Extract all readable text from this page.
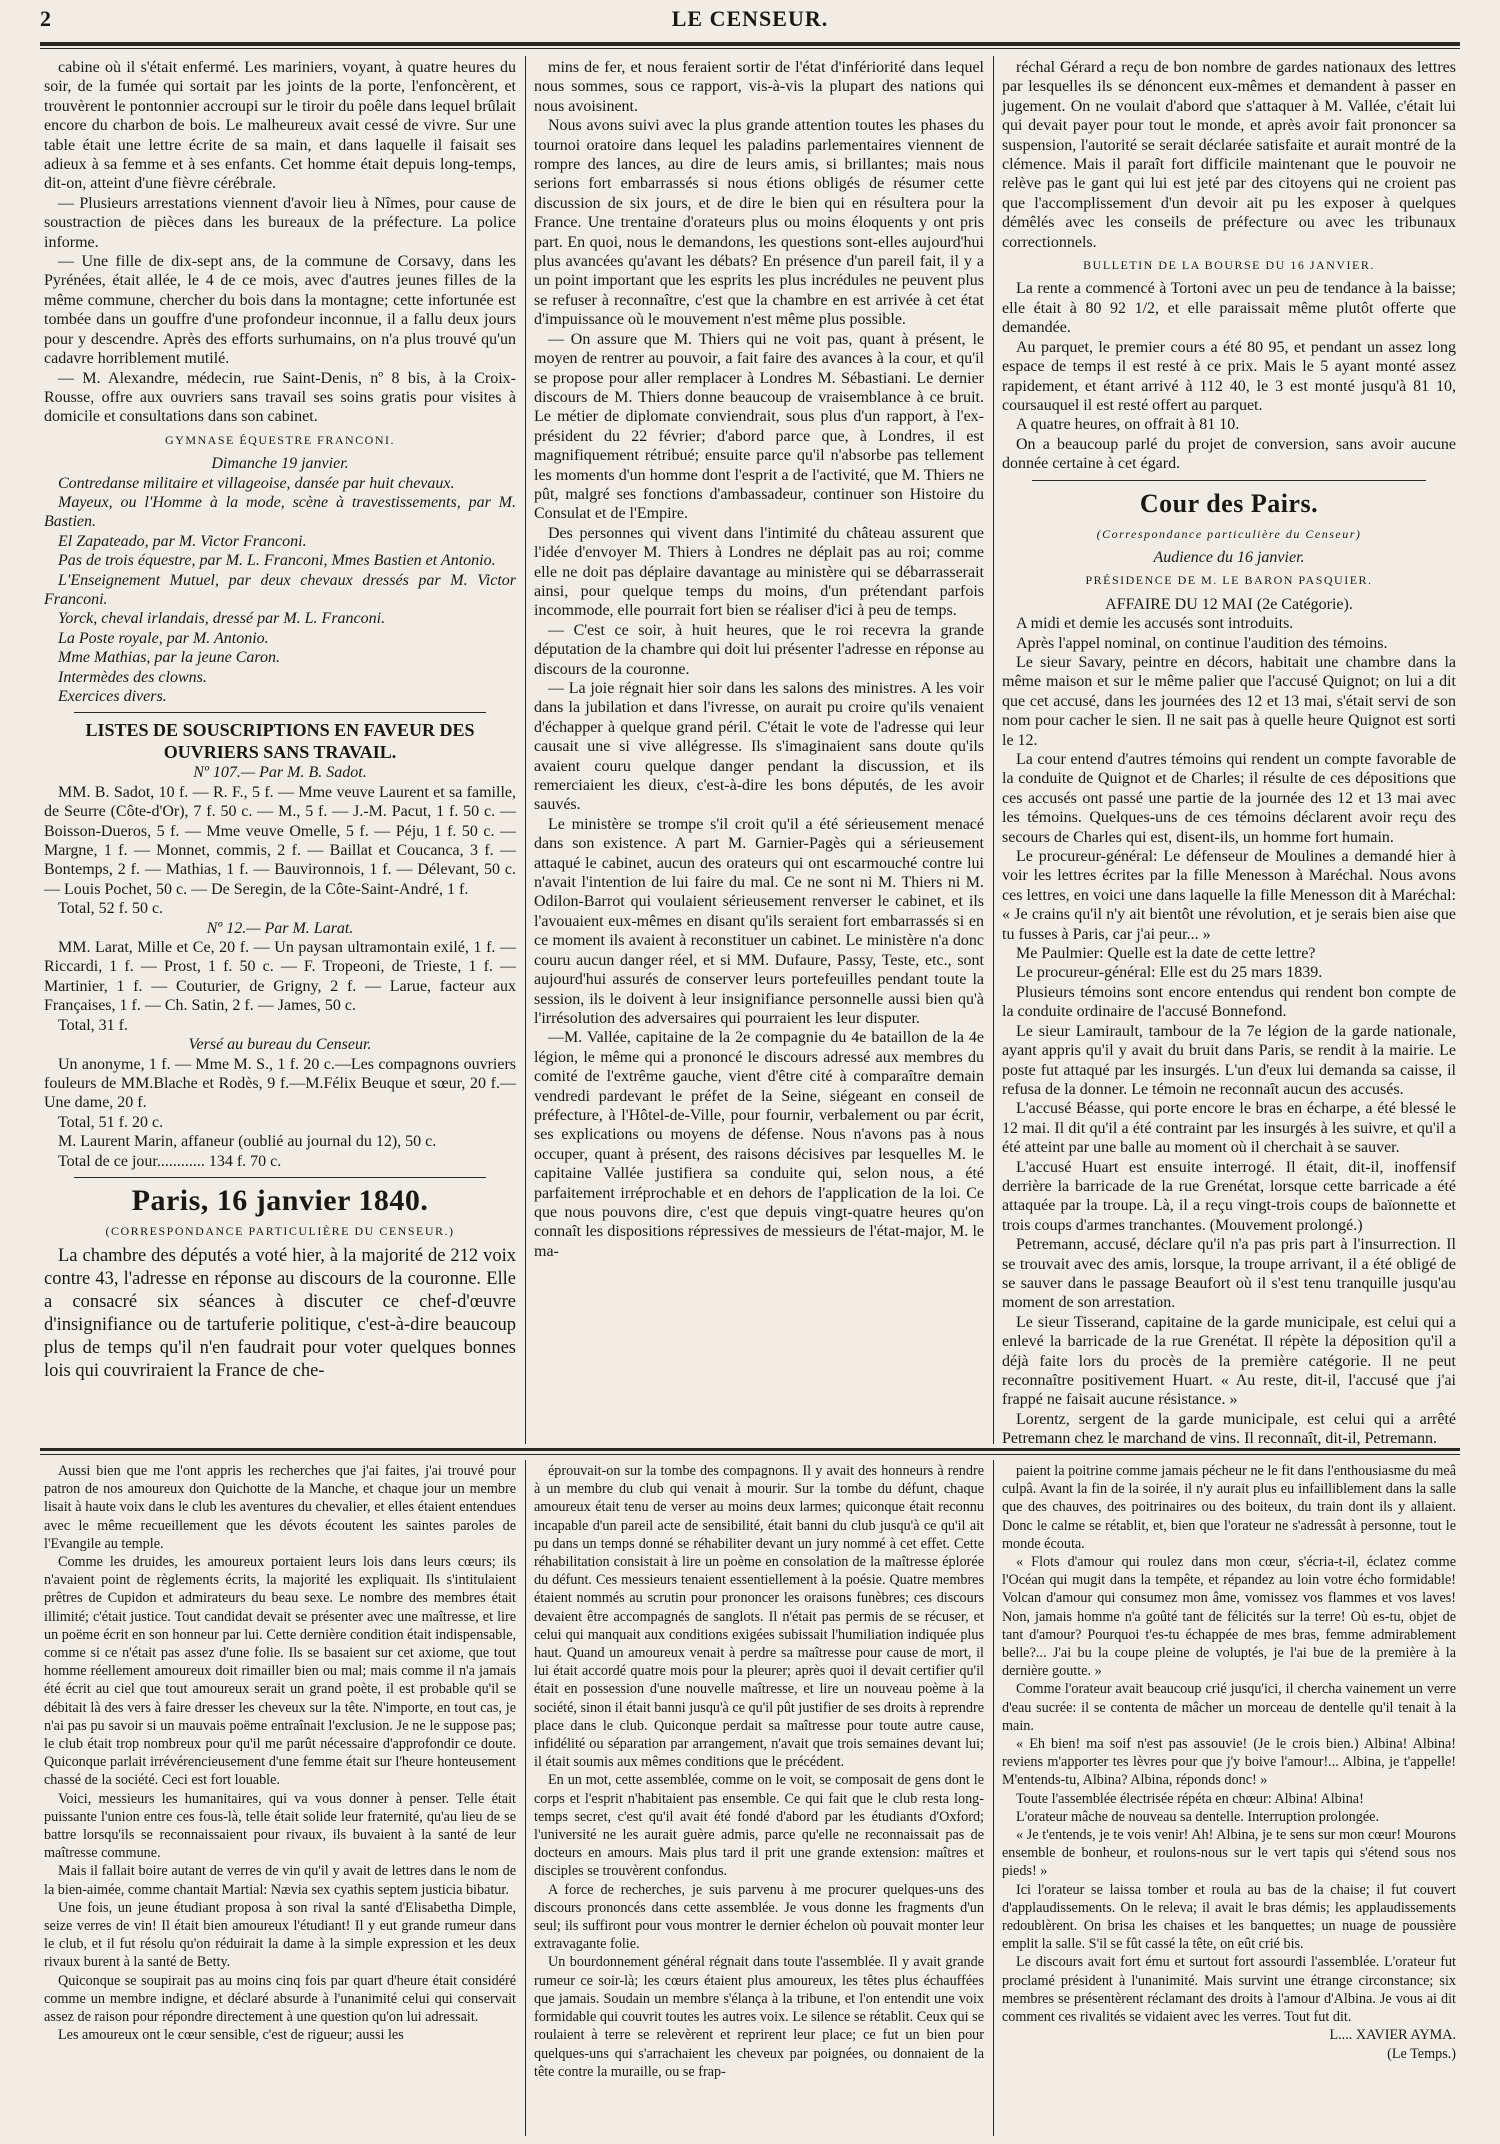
2	LE CENSEUR.

cabine où il s'était enfermé. Les mariniers, voyant, à quatre heures du soir, de la fumée qui sortait par les joints de la porte, l'enfoncèrent, et trouvèrent le pontonnier accroupi sur le tiroir du poêle dans lequel brûlait encore du charbon de bois. Le malheureux avait cessé de vivre. Sur une table était une lettre écrite de sa main, et dans laquelle il faisait ses adieux à sa femme et à ses enfants. Cet homme était depuis long-temps, dit-on, atteint d'une fièvre cérébrale.

— Plusieurs arrestations viennent d'avoir lieu à Nîmes, pour cause de soustraction de pièces dans les bureaux de la préfecture. La police informe.

— Une fille de dix-sept ans, de la commune de Corsavy, dans les Pyrénées, était allée, le 4 de ce mois, avec d'autres jeunes filles de la même commune, chercher du bois dans la montagne; cette infortunée est tombée dans un gouffre d'une profondeur inconnue, il a fallu deux jours pour y descendre. Après des efforts surhumains, on n'a plus trouvé qu'un cadavre horriblement mutilé.

— M. Alexandre, médecin, rue Saint-Denis, nº 8 bis, à la Croix-Rousse, offre aux ouvriers sans travail ses soins gratis pour visites à domicile et consultations dans son cabinet.

GYMNASE ÉQUESTRE FRANCONI.

Dimanche 19 janvier.

Contredanse militaire et villageoise, dansée par huit chevaux.

Mayeux, ou l'Homme à la mode, scène à travestissements, par M. Bastien.

El Zapateado, par M. Victor Franconi.

Pas de trois équestre, par M. L. Franconi, Mmes Bastien et Antonio.

L'Enseignement Mutuel, par deux chevaux dressés par M. Victor Franconi.

Yorck, cheval irlandais, dressé par M. L. Franconi.

La Poste royale, par M. Antonio.

Mme Mathias, par la jeune Caron.

Intermèdes des clowns.

Exercices divers.

LISTES DE SOUSCRIPTIONS EN FAVEUR DES OUVRIERS SANS TRAVAIL.

Nº 107.— Par M. B. Sadot.

MM. B. Sadot, 10 f. — R. F., 5 f. — Mme veuve Laurent et sa famille, de Seurre (Côte-d'Or), 7 f. 50 c. — M., 5 f. — J.-M. Pacut, 1 f. 50 c. — Boisson-Dueros, 5 f. — Mme veuve Omelle, 5 f. — Péju, 1 f. 50 c. — Margne, 1 f. — Monnet, commis, 2 f. — Baillat et Coucanca, 3 f. — Bontemps, 2 f. — Mathias, 1 f. — Bauvironnois, 1 f. — Délevant, 50 c. — Louis Pochet, 50 c. — De Seregin, de la Côte-Saint-André, 1 f.

Total, 52 f. 50 c.

Nº 12.— Par M. Larat.

MM. Larat, Mille et Ce, 20 f. — Un paysan ultramontain exilé, 1 f. — Riccardi, 1 f. — Prost, 1 f. 50 c. — F. Tropeoni, de Trieste, 1 f. — Martinier, 1 f. — Couturier, de Grigny, 2 f. — Larue, facteur aux Françaises, 1 f. — Ch. Satin, 2 f. — James, 50 c.

Total, 31 f.

Versé au bureau du Censeur.

Un anonyme, 1 f. — Mme M. S., 1 f. 20 c.—Les compagnons ouvriers fouleurs de MM.Blache et Rodès, 9 f.—M.Félix Beuque et sœur, 20 f.—Une dame, 20 f.

Total, 51 f. 20 c.

M. Laurent Marin, affaneur (oublié au journal du 12), 50 c.

Total de ce jour............ 134 f. 70 c.

Paris, 16 janvier 1840.

(CORRESPONDANCE PARTICULIÈRE DU CENSEUR.)

La chambre des députés a voté hier, à la majorité de 212 voix contre 43, l'adresse en réponse au discours de la couronne. Elle a consacré six séances à discuter ce chef-d'œuvre d'insignifiance ou de tartuferie politique, c'est-à-dire beaucoup plus de temps qu'il n'en faudrait pour voter quelques bonnes lois qui couvriraient la France de che-

mins de fer, et nous feraient sortir de l'état d'infériorité dans lequel nous sommes, sous ce rapport, vis-à-vis la plupart des nations qui nous avoisinent.

Nous avons suivi avec la plus grande attention toutes les phases du tournoi oratoire dans lequel les paladins parlementaires viennent de rompre des lances, au dire de leurs amis, si brillantes; mais nous serions fort embarrassés si nous étions obligés de résumer cette discussion de six jours, et de dire le bien qui en résultera pour la France. Une trentaine d'orateurs plus ou moins éloquents y ont pris part. En quoi, nous le demandons, les questions sont-elles aujourd'hui plus avancées qu'avant les débats? En présence d'un pareil fait, il y a un point important que les esprits les plus incrédules ne peuvent plus se refuser à reconnaître, c'est que la chambre en est arrivée à cet état d'impuissance où le mouvement n'est même plus possible.

— On assure que M. Thiers qui ne voit pas, quant à présent, le moyen de rentrer au pouvoir, a fait faire des avances à la cour, et qu'il se propose pour aller remplacer à Londres M. Sébastiani. Le dernier discours de M. Thiers donne beaucoup de vraisemblance à ce bruit. Le métier de diplomate conviendrait, sous plus d'un rapport, à l'ex-président du 22 février; d'abord parce que, à Londres, il est magnifiquement rétribué; ensuite parce qu'il n'absorbe pas tellement les moments d'un homme dont l'esprit a de l'activité, que M. Thiers ne pût, malgré ses fonctions d'ambassadeur, continuer son Histoire du Consulat et de l'Empire.

Des personnes qui vivent dans l'intimité du château assurent que l'idée d'envoyer M. Thiers à Londres ne déplait pas au roi; comme elle ne doit pas déplaire davantage au ministère qui se débarrasserait ainsi, pour quelque temps du moins, d'un prétendant parfois incommode, elle pourrait fort bien se réaliser d'ici à peu de temps.

— C'est ce soir, à huit heures, que le roi recevra la grande députation de la chambre qui doit lui présenter l'adresse en réponse au discours de la couronne.

— La joie régnait hier soir dans les salons des ministres. A les voir dans la jubilation et dans l'ivresse, on aurait pu croire qu'ils venaient d'échapper à quelque grand péril. C'était le vote de l'adresse qui leur causait une si vive allégresse. Ils s'imaginaient sans doute qu'ils avaient couru quelque danger pendant la discussion, et ils remerciaient les dieux, c'est-à-dire les bons députés, de les avoir sauvés.

Le ministère se trompe s'il croit qu'il a été sérieusement menacé dans son existence. A part M. Garnier-Pagès qui a sérieusement attaqué le cabinet, aucun des orateurs qui ont escarmouché contre lui n'avait l'intention de lui faire du mal. Ce ne sont ni M. Thiers ni M. Odilon-Barrot qui voulaient sérieusement renverser le cabinet, et ils l'avouaient eux-mêmes en disant qu'ils seraient fort embarrassés si en ce moment ils avaient à reconstituer un cabinet. Le ministère n'a donc couru aucun danger réel, et si MM. Dufaure, Passy, Teste, etc., sont aujourd'hui assurés de conserver leurs portefeuilles pendant toute la session, ils le doivent à leur insignifiance personnelle aussi bien qu'à l'irrésolution des adversaires qui pourraient les leur disputer.

—M. Vallée, capitaine de la 2e compagnie du 4e bataillon de la 4e légion, le même qui a prononcé le discours adressé aux membres du comité de l'extrême gauche, vient d'être cité à comparaître demain vendredi pardevant le préfet de la Seine, siégeant en conseil de préfecture, à l'Hôtel-de-Ville, pour fournir, verbalement ou par écrit, ses explications ou moyens de défense. Nous n'avons pas à nous occuper, quant à présent, des raisons décisives par lesquelles M. le capitaine Vallée justifiera sa conduite qui, selon nous, a été parfaitement irréprochable et en dehors de l'application de la loi. Ce que nous pouvons dire, c'est que depuis vingt-quatre heures qu'on connaît les dispositions répressives de messieurs de l'état-major, M. le ma-

réchal Gérard a reçu de bon nombre de gardes nationaux des lettres par lesquelles ils se dénoncent eux-mêmes et demandent à passer en jugement. On ne voulait d'abord que s'attaquer à M. Vallée, c'était lui qui devait payer pour tout le monde, et après avoir fait prononcer sa suspension, l'autorité se serait déclarée satisfaite et aurait montré de la clémence. Mais il paraît fort difficile maintenant que le pouvoir ne relève pas le gant qui lui est jeté par des citoyens qui ne croient pas que l'accomplissement d'un devoir ait pu les exposer à quelques démêlés avec les conseils de préfecture ou avec les tribunaux correctionnels.

BULLETIN DE LA BOURSE DU 16 JANVIER.

La rente a commencé à Tortoni avec un peu de tendance à la baisse; elle était à 80 92 1/2, et elle paraissait même plutôt offerte que demandée.

Au parquet, le premier cours a été 80 95, et pendant un assez long espace de temps il est resté à ce prix. Mais le 5 ayant monté assez rapidement, et étant arrivé à 112 40, le 3 est monté jusqu'à 81 10, coursauquel il est resté offert au parquet.

A quatre heures, on offrait à 81 10.

On a beaucoup parlé du projet de conversion, sans avoir aucune donnée certaine à cet égard.

Cour des Pairs.

(Correspondance particulière du Censeur)

Audience du 16 janvier.

PRÉSIDENCE DE M. LE BARON PASQUIER.

AFFAIRE DU 12 MAI (2e Catégorie).

A midi et demie les accusés sont introduits.

Après l'appel nominal, on continue l'audition des témoins.

Le sieur Savary, peintre en décors, habitait une chambre dans la même maison et sur le même palier que l'accusé Quignot; on lui a dit que cet accusé, dans les journées des 12 et 13 mai, s'était servi de son nom pour cacher le sien. Il ne sait pas à quelle heure Quignot est sorti le 12.

La cour entend d'autres témoins qui rendent un compte favorable de la conduite de Quignot et de Charles; il résulte de ces dépositions que ces accusés ont passé une partie de la journée des 12 et 13 mai avec les témoins. Quelques-uns de ces témoins déclarent avoir reçu des secours de Charles qui est, disent-ils, un homme fort humain.

Le procureur-général: Le défenseur de Moulines a demandé hier à voir les lettres écrites par la fille Menesson à Maréchal. Nous avons ces lettres, en voici une dans laquelle la fille Menesson dit à Maréchal: « Je crains qu'il n'y ait bientôt une révolution, et je serais bien aise que tu fusses à Paris, car j'ai peur... »

Me Paulmier: Quelle est la date de cette lettre?

Le procureur-général: Elle est du 25 mars 1839.

Plusieurs témoins sont encore entendus qui rendent bon compte de la conduite ordinaire de l'accusé Bonnefond.

Le sieur Lamirault, tambour de la 7e légion de la garde nationale, ayant appris qu'il y avait du bruit dans Paris, se rendit à la mairie. Le poste fut attaqué par les insurgés. L'un d'eux lui demanda sa caisse, il refusa de la donner. Le témoin ne reconnaît aucun des accusés.

L'accusé Béasse, qui porte encore le bras en écharpe, a été blessé le 12 mai. Il dit qu'il a été contraint par les insurgés à les suivre, et qu'il a été atteint par une balle au moment où il cherchait à se sauver.

L'accusé Huart est ensuite interrogé. Il était, dit-il, inoffensif derrière la barricade de la rue Grenétat, lorsque cette barricade a été attaquée par la troupe. Là, il a reçu vingt-trois coups de baïonnette et trois coups d'armes tranchantes. (Mouvement prolongé.)

Petremann, accusé, déclare qu'il n'a pas pris part à l'insurrection. Il se trouvait avec des amis, lorsque, la troupe arrivant, il a été obligé de se sauver dans le passage Beaufort où il s'est tenu tranquille jusqu'au moment de son arrestation.

Le sieur Tisserand, capitaine de la garde municipale, est celui qui a enlevé la barricade de la rue Grenétat. Il répète la déposition qu'il a déjà faite lors du procès de la première catégorie. Il ne peut reconnaître positivement Huart. « Au reste, dit-il, l'accusé que j'ai frappé ne faisait aucune résistance. »

Lorentz, sergent de la garde municipale, est celui qui a arrêté Petremann chez le marchand de vins. Il reconnaît, dit-il, Petremann.

Aussi bien que me l'ont appris les recherches que j'ai faites, j'ai trouvé pour patron de nos amoureux don Quichotte de la Manche, et chaque jour un membre lisait à haute voix dans le club les aventures du chevalier, et elles étaient entendues avec le même recueillement que les dévots écoutent les saintes paroles de l'Evangile au temple.

Comme les druides, les amoureux portaient leurs lois dans leurs cœurs; ils n'avaient point de règlements écrits, la majorité les expliquait. Ils s'intitulaient prêtres de Cupidon et admirateurs du beau sexe. Le nombre des membres était illimité; c'était justice. Tout candidat devait se présenter avec une maîtresse, et lire un poëme écrit en son honneur par lui. Cette dernière condition était indispensable, comme si ce n'était pas assez d'une folie. Ils se basaient sur cet axiome, que tout homme réellement amoureux doit rimailler bien ou mal; mais comme il n'a jamais été écrit au ciel que tout amoureux serait un grand poète, il est probable qu'il se débitait là des vers à faire dresser les cheveux sur la tête. N'importe, en tout cas, je n'ai pas pu savoir si un mauvais poëme entraînait l'exclusion. Je ne le suppose pas; le club était trop nombreux pour qu'il me parût nécessaire d'approfondir ce doute. Quiconque parlait irrévérencieusement d'une femme était sur l'heure honteusement chassé de la société. Ceci est fort louable.

Voici, messieurs les humanitaires, qui va vous donner à penser. Telle était puissante l'union entre ces fous-là, telle était solide leur fraternité, qu'au lieu de se battre lorsqu'ils se reconnaissaient pour rivaux, ils buvaient à la santé de leur maîtresse commune.

Mais il fallait boire autant de verres de vin qu'il y avait de lettres dans le nom de la bien-aimée, comme chantait Martial: Nævia sex cyathis septem justicia bibatur.

Une fois, un jeune étudiant proposa à son rival la santé d'Elisabetha Dimple, seize verres de vin! Il était bien amoureux l'étudiant! Il y eut grande rumeur dans le club, et il fut résolu qu'on réduirait la dame à la simple expression et les deux rivaux burent à la santé de Betty.

Quiconque se soupirait pas au moins cinq fois par quart d'heure était considéré comme un membre indigne, et déclaré absurde à l'unanimité celui qui conservait assez de raison pour répondre directement à une question qu'on lui adressait.

Les amoureux ont le cœur sensible, c'est de rigueur; aussi les

éprouvait-on sur la tombe des compagnons. Il y avait des honneurs à rendre à un membre du club qui venait à mourir. Sur la tombe du défunt, chaque amoureux était tenu de verser au moins deux larmes; quiconque était reconnu incapable d'un pareil acte de sensibilité, était banni du club jusqu'à ce qu'il ait pu dans un temps donné se réhabiliter devant un jury nommé à cet effet. Cette réhabilitation consistait à lire un poème en consolation de la maîtresse éplorée du défunt. Ces messieurs tenaient essentiellement à la poésie. Quatre membres étaient nommés au scrutin pour prononcer les oraisons funèbres; ces discours devaient être accompagnés de sanglots. Il n'était pas permis de se récuser, et celui qui manquait aux conditions exigées subissait l'humiliation indiquée plus haut. Quand un amoureux venait à perdre sa maîtresse pour cause de mort, il lui était accordé quatre mois pour la pleurer; après quoi il devait certifier qu'il était en possession d'une nouvelle maîtresse, et lire un nouveau poème à la société, sinon il était banni jusqu'à ce qu'il pût justifier de ses droits à reprendre place dans le club. Quiconque perdait sa maîtresse pour toute autre cause, infidélité ou séparation par arrangement, n'avait que trois semaines devant lui; il était soumis aux mêmes conditions que le précédent.

En un mot, cette assemblée, comme on le voit, se composait de gens dont le corps et l'esprit n'habitaient pas ensemble. Ce qui fait que le club resta long-temps secret, c'est qu'il avait été fondé d'abord par les étudiants d'Oxford; l'université ne les aurait guère admis, parce qu'elle ne reconnaissait pas de docteurs en amours. Mais plus tard il prit une grande extension: maîtres et disciples se trouvèrent confondus.

A force de recherches, je suis parvenu à me procurer quelques-uns des discours prononcés dans cette assemblée. Je vous donne les fragments d'un seul; ils suffiront pour vous montrer le dernier échelon où pouvait monter leur extravagante folie.

Un bourdonnement général régnait dans toute l'assemblée. Il y avait grande rumeur ce soir-là; les cœurs étaient plus amoureux, les têtes plus échauffées que jamais. Soudain un membre s'élança à la tribune, et l'on entendit une voix formidable qui couvrit toutes les autres voix. Le silence se rétablit. Ceux qui se roulaient à terre se relevèrent et reprirent leur place; ce fut un bien pour quelques-uns qui s'arrachaient les cheveux par poignées, ou donnaient de la tête contre la muraille, ou se frap-

paient la poitrine comme jamais pécheur ne le fit dans l'enthousiasme du meâ culpâ. Avant la fin de la soirée, il n'y aurait plus eu infailliblement dans la salle que des chauves, des poitrinaires ou des boiteux, du train dont ils y allaient. Donc le calme se rétablit, et, bien que l'orateur ne s'adressât à personne, tout le monde écouta.

« Flots d'amour qui roulez dans mon cœur, s'écria-t-il, éclatez comme l'Océan qui mugit dans la tempête, et répandez au loin votre écho formidable! Volcan d'amour qui consumez mon âme, vomissez vos flammes et vos laves! Non, jamais homme n'a goûté tant de félicités sur la terre! Où es-tu, objet de tant d'amour? Pourquoi t'es-tu échappée de mes bras, femme admirablement belle?... J'ai bu la coupe pleine de voluptés, je l'ai bue de la première à la dernière goutte. »

Comme l'orateur avait beaucoup crié jusqu'ici, il chercha vainement un verre d'eau sucrée: il se contenta de mâcher un morceau de dentelle qu'il tenait à la main.

« Eh bien! ma soif n'est pas assouvie! (Je le crois bien.) Albina! Albina! reviens m'apporter tes lèvres pour que j'y boive l'amour!... Albina, je t'appelle! M'entends-tu, Albina? Albina, réponds donc! »

Toute l'assemblée électrisée répéta en chœur: Albina! Albina!

L'orateur mâche de nouveau sa dentelle. Interruption prolongée.

« Je t'entends, je te vois venir! Ah! Albina, je te sens sur mon cœur! Mourons ensemble de bonheur, et roulons-nous sur le vert tapis qui s'étend sous nos pieds! »

Ici l'orateur se laissa tomber et roula au bas de la chaise; il fut couvert d'applaudissements. On le releva; il avait le bras démis; les applaudissements redoublèrent. On brisa les chaises et les banquettes; un nuage de poussière emplit la salle. S'il se fût cassé la tête, on eût crié bis.

Le discours avait fort ému et surtout fort assourdi l'assemblée. L'orateur fut proclamé président à l'unanimité. Mais survint une étrange circonstance; six membres se présentèrent réclamant des droits à l'amour d'Albina. Je vous ai dit comment ces rivalités se vidaient avec les verres. Tout fut dit.

L.... XAVIER AYMA.

(Le Temps.)
